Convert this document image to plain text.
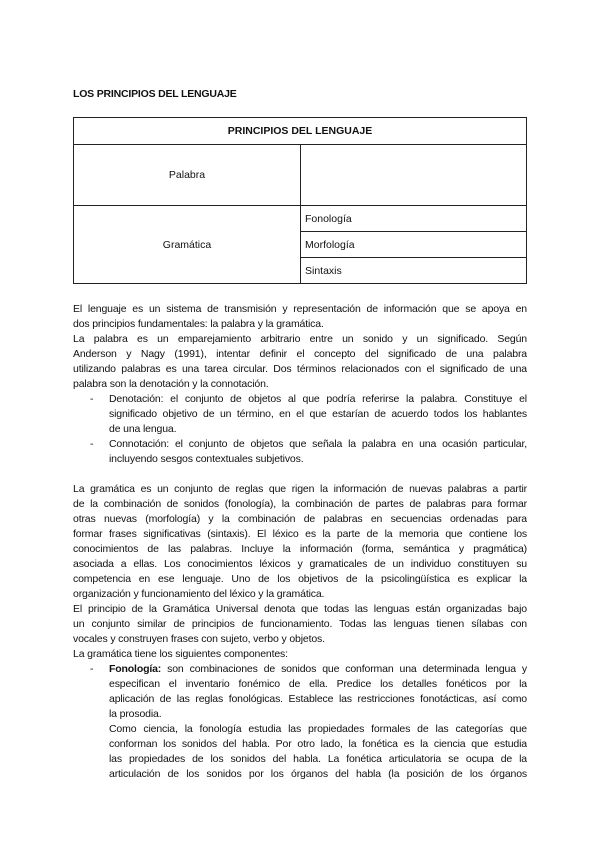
LOS PRINCIPIOS DEL LENGUAJE
PRINCIPIOS DEL LENGUAJE	
Palabra	
Gramática	Fonología
	Morfología
	Sintaxis
El lenguaje es un sistema de transmisión y representación de información que se apoya en
dos principios fundamentales: la palabra y la gramática.
La palabra es un emparejamiento arbitrario entre un sonido y un significado. Según
Anderson y Nagy (1991), intentar definir el concepto del significado de una palabra
utilizando palabras es una tarea circular. Dos términos relacionados con el significado de una
palabra son la denotación y la connotación.
- Denotación: el conjunto de objetos al que podría referirse la palabra. Constituye el
significado objetivo de un término, en el que estarían de acuerdo todos los hablantes
de una lengua.
- Connotación: el conjunto de objetos que señala la palabra en una ocasión particular,
incluyendo sesgos contextuales subjetivos.
La gramática es un conjunto de reglas que rigen la información de nuevas palabras a partir
de la combinación de sonidos (fonología), la combinación de partes de palabras para formar
otras nuevas (morfología) y la combinación de palabras en secuencias ordenadas para
formar frases significativas (sintaxis). El léxico es la parte de la memoria que contiene los
conocimientos de las palabras. Incluye la información (forma, semántica y pragmática)
asociada a ellas. Los conocimientos léxicos y gramaticales de un individuo constituyen su
competencia en ese lenguaje. Uno de los objetivos de la psicolingüística es explicar la
organización y funcionamiento del léxico y la gramática.
El principio de la Gramática Universal denota que todas las lenguas están organizadas bajo
un conjunto similar de principios de funcionamiento. Todas las lenguas tienen sílabas con
vocales y construyen frases con sujeto, verbo y objetos.
La gramática tiene los siguientes componentes:
- Fonología: son combinaciones de sonidos que conforman una determinada lengua y
especifican el inventario fonémico de ella. Predice los detalles fonéticos por la
aplicación de las reglas fonológicas. Establece las restricciones fonotácticas, así como
la prosodia.
Como ciencia, la fonología estudia las propiedades formales de las categorías que
conforman los sonidos del habla. Por otro lado, la fonética es la ciencia que estudia
las propiedades de los sonidos del habla. La fonética articulatoria se ocupa de la
articulación de los sonidos por los órganos del habla (la posición de los órganos
